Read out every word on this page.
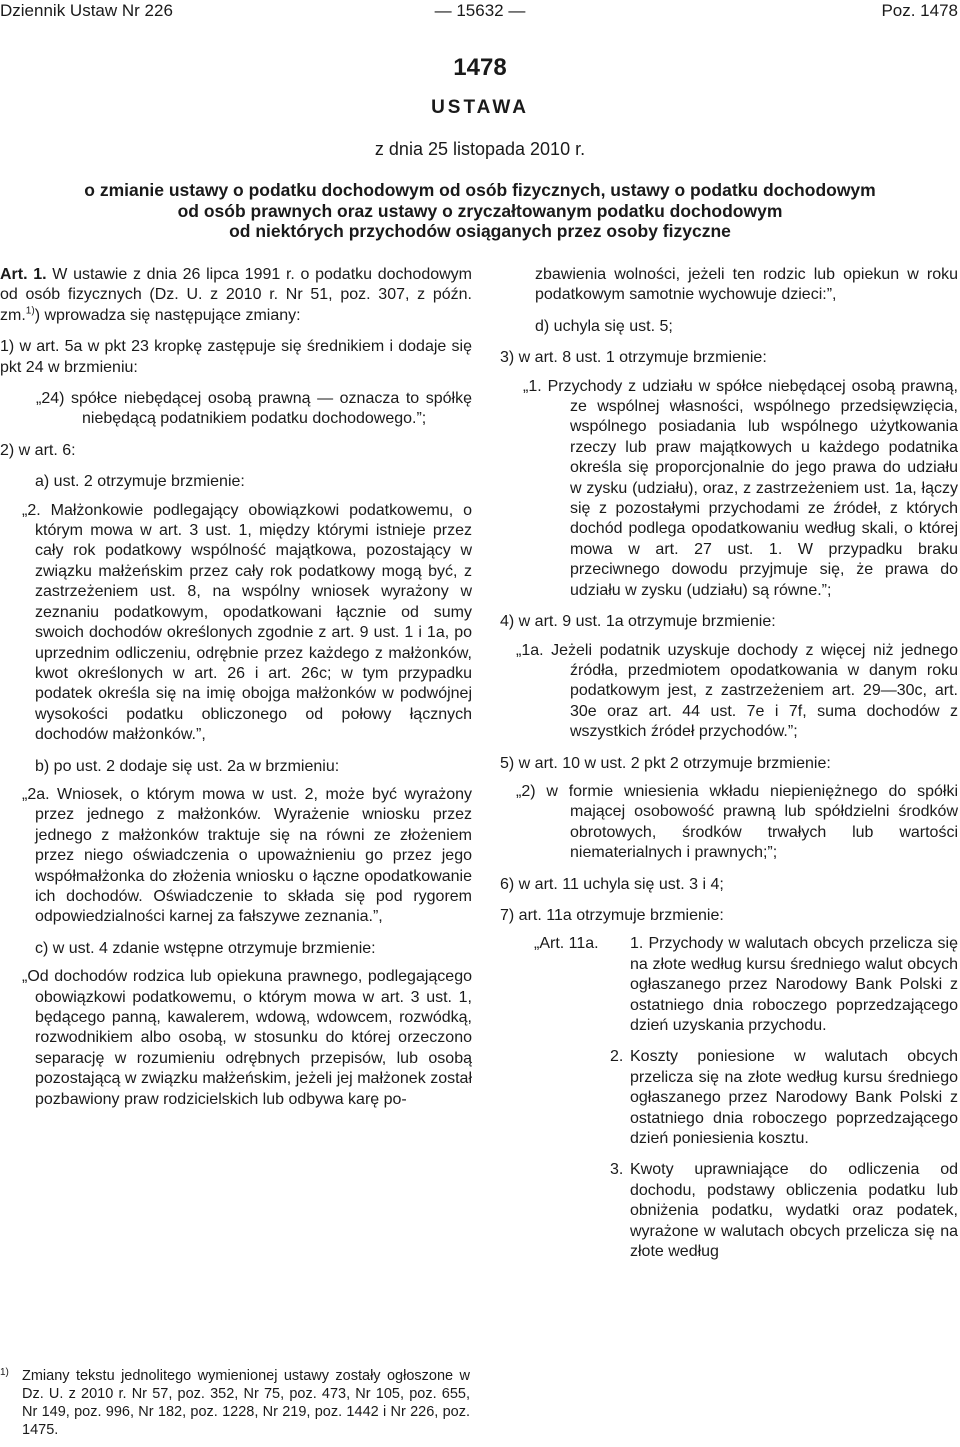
Dziennik Ustaw Nr 226	— 15632 —	Poz. 1478
1478
USTAWA
z dnia 25 listopada 2010 r.
o zmianie ustawy o podatku dochodowym od osób fizycznych, ustawy o podatku dochodowym
od osób prawnych oraz ustawy o zryczałtowanym podatku dochodowym
od niektórych przychodów osiąganych przez osoby fizyczne

Art. 1. W ustawie z dnia 26 lipca 1991 r. o podatku dochodowym od osób fizycznych (Dz. U. z 2010 r. Nr 51, poz. 307, z późn. zm.$^{1)}$) wprowadza się następujące zmiany:

1) w art. 5a w pkt 23 kropkę zastępuje się średnikiem i dodaje się pkt 24 w brzmieniu:

„24) spółce niebędącej osobą prawną — oznacza to spółkę niebędącą podatnikiem podatku dochodowego.”;

2) w art. 6:

a) ust. 2 otrzymuje brzmienie:

„2. Małżonkowie podlegający obowiązkowi podatkowemu, o którym mowa w art. 3 ust. 1, między którymi istnieje przez cały rok podatkowy wspólność majątkowa, pozostający w związku małżeńskim przez cały rok podatkowy mogą być, z zastrzeżeniem ust. 8, na wspólny wniosek wyrażony w zeznaniu podatkowym, opodatkowani łącznie od sumy swoich dochodów określonych zgodnie z art. 9 ust. 1 i 1a, po uprzednim odliczeniu, odrębnie przez każdego z małżonków, kwot określonych w art. 26 i art. 26c; w tym przypadku podatek określa się na imię obojga małżonków w podwójnej wysokości podatku obliczonego od połowy łącznych dochodów małżonków.”,

b) po ust. 2 dodaje się ust. 2a w brzmieniu:

„2a. Wniosek, o którym mowa w ust. 2, może być wyrażony przez jednego z małżonków. Wyrażenie wniosku przez jednego z małżonków traktuje się na równi ze złożeniem przez niego oświadczenia o upoważnieniu go przez jego współmałżonka do złożenia wniosku o łączne opodatkowanie ich dochodów. Oświadczenie to składa się pod rygorem odpowiedzialności karnej za fałszywe zeznania.”,

c) w ust. 4 zdanie wstępne otrzymuje brzmienie:

„Od dochodów rodzica lub opiekuna prawnego, podlegającego obowiązkowi podatkowemu, o którym mowa w art. 3 ust. 1, będącego panną, kawalerem, wdową, wdowcem, rozwódką, rozwodnikiem albo osobą, w stosunku do której orzeczono separację w rozumieniu odrębnych przepisów, lub osobą pozostającą w związku małżeńskim, jeżeli jej małżonek został pozbawiony praw rodzicielskich lub odbywa karę po-

1) Zmiany tekstu jednolitego wymienionej ustawy zostały ogłoszone w Dz. U. z 2010 r. Nr 57, poz. 352, Nr 75, poz. 473, Nr 105, poz. 655, Nr 149, poz. 996, Nr 182, poz. 1228, Nr 219, poz. 1442 i Nr 226, poz. 1475.

zbawienia wolności, jeżeli ten rodzic lub opiekun w roku podatkowym samotnie wychowuje dzieci:”,

d) uchyla się ust. 5;

3) w art. 8 ust. 1 otrzymuje brzmienie:

„1. Przychody z udziału w spółce niebędącej osobą prawną, ze wspólnej własności, wspólnego przedsięwzięcia, wspólnego posiadania lub wspólnego użytkowania rzeczy lub praw majątkowych u każdego podatnika określa się proporcjonalnie do jego prawa do udziału w zysku (udziału), oraz, z zastrzeżeniem ust. 1a, łączy się z pozostałymi przychodami ze źródeł, z których dochód podlega opodatkowaniu według skali, o której mowa w art. 27 ust. 1. W przypadku braku przeciwnego dowodu przyjmuje się, że prawa do udziału w zysku (udziału) są równe.”;

4) w art. 9 ust. 1a otrzymuje brzmienie:

„1a. Jeżeli podatnik uzyskuje dochody z więcej niż jednego źródła, przedmiotem opodatkowania w danym roku podatkowym jest, z zastrzeżeniem art. 29—30c, art. 30e oraz art. 44 ust. 7e i 7f, suma dochodów z wszystkich źródeł przychodów.”;

5) w art. 10 w ust. 2 pkt 2 otrzymuje brzmienie:

„2) w formie wniesienia wkładu niepieniężnego do spółki mającej osobowość prawną lub spółdzielni środków obrotowych, środków trwałych lub wartości niematerialnych i prawnych;”;

6) w art. 11 uchyla się ust. 3 i 4;

7) art. 11a otrzymuje brzmienie:

„Art. 11a.	1. Przychody w walutach obcych przelicza się na złote według kursu średniego walut obcych ogłaszanego przez Narodowy Bank Polski z ostatniego dnia roboczego poprzedzającego dzień uzyskania przychodu.

2. Koszty poniesione w walutach obcych przelicza się na złote według kursu średniego ogłaszanego przez Narodowy Bank Polski z ostatniego dnia roboczego poprzedzającego dzień poniesienia kosztu.

3. Kwoty uprawniające do odliczenia od dochodu, podstawy obliczenia podatku lub obniżenia podatku, wydatki oraz podatek, wyrażone w walutach obcych przelicza się na złote według
